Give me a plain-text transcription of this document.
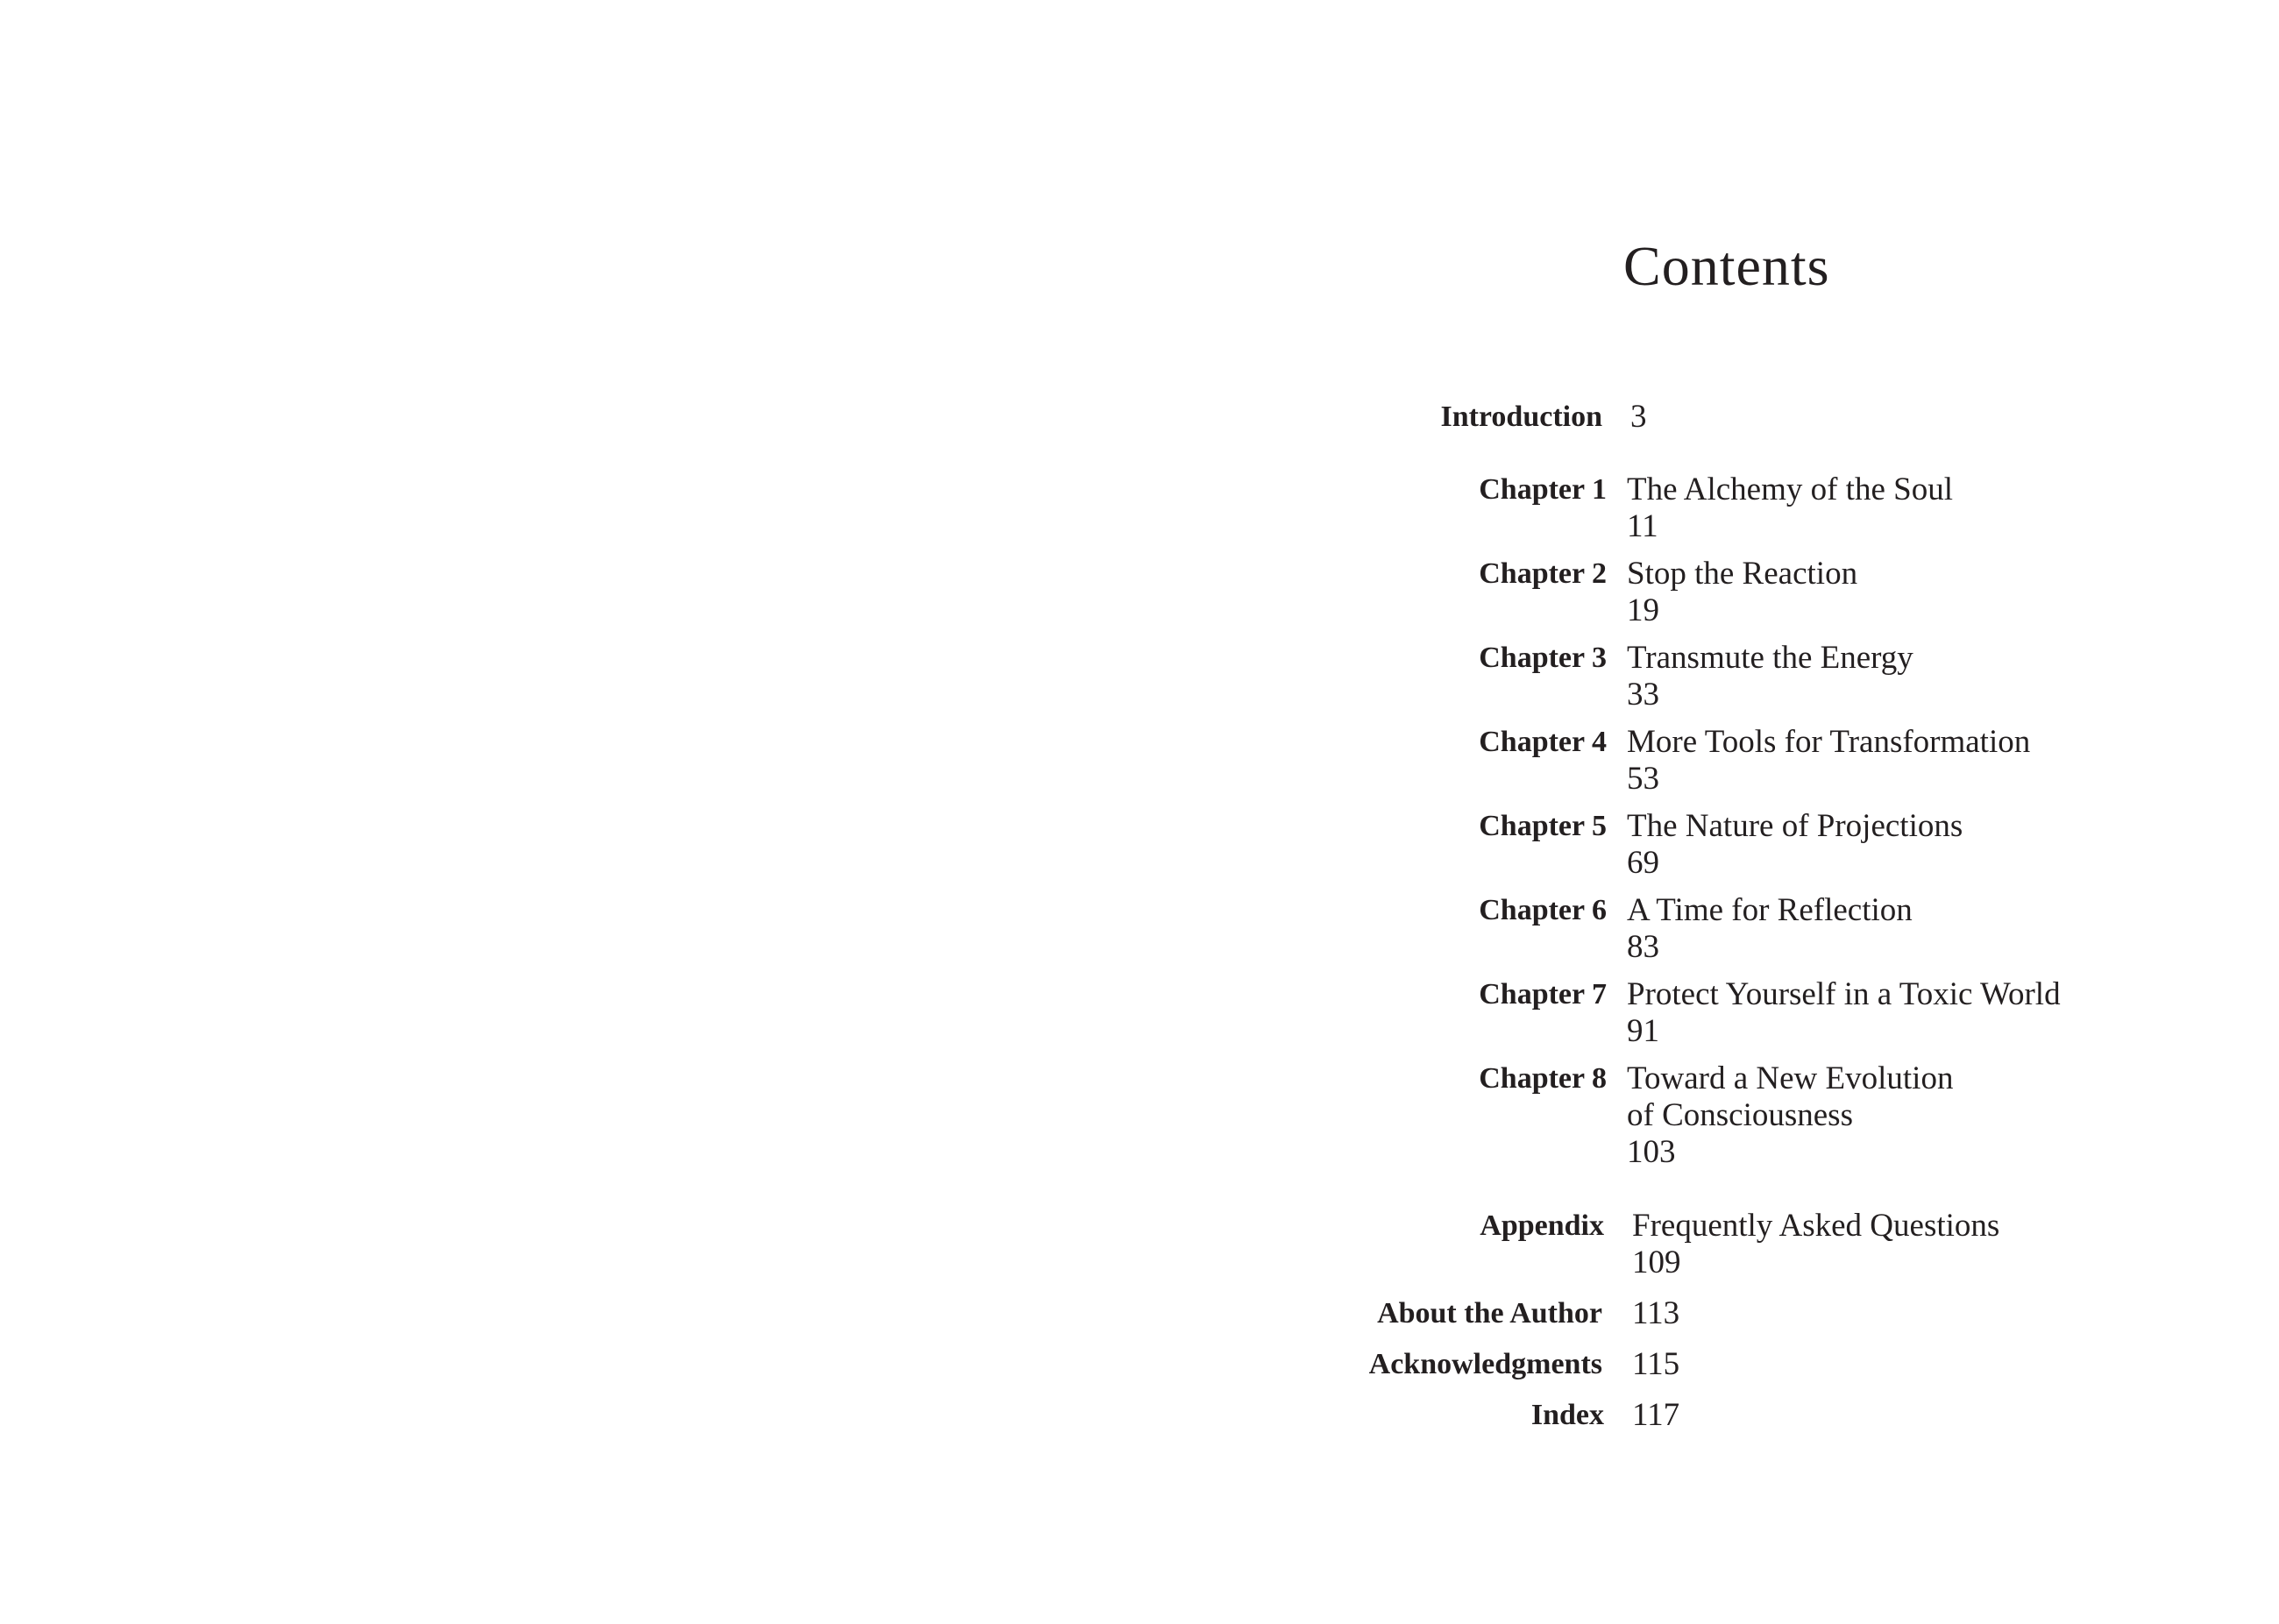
Contents
Introduction 3
Chapter 1 The Alchemy of the Soul
11
Chapter 2 Stop the Reaction
19
Chapter 3 Transmute the Energy
33
Chapter 4 More Tools for Transformation
53
Chapter 5 The Nature of Projections
69
Chapter 6 A Time for Reflection
83
Chapter 7 Protect Yourself in a Toxic World
91
Chapter 8 Toward a New Evolution
of Consciousness
103
Appendix Frequently Asked Questions
109
About the Author 113
Acknowledgments 115
Index 117
